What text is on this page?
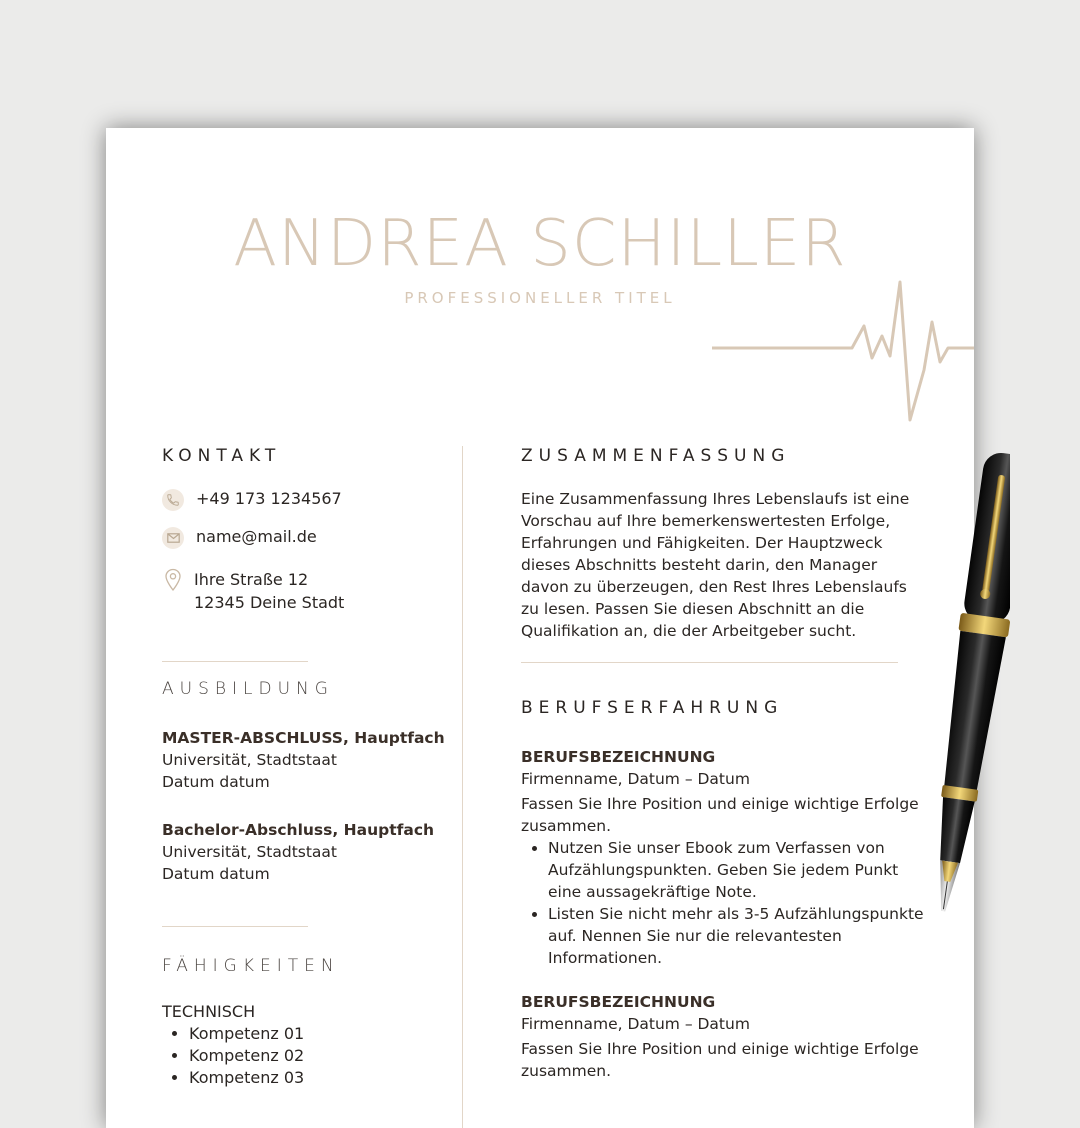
ANDREA SCHILLER
PROFESSIONELLER TITEL
KONTAKT
+49 173 1234567
name@mail.de
Ihre Straße 12
12345 Deine Stadt
AUSBILDUNG
MASTER-ABSCHLUSS, Hauptfach
Universität, Stadtstaat
Datum datum
Bachelor-Abschluss, Hauptfach
Universität, Stadtstaat
Datum datum
FÄHIGKEITEN
TECHNISCH
• Kompetenz 01
• Kompetenz 02
• Kompetenz 03
ZUSAMMENFASSUNG
Eine Zusammenfassung Ihres Lebenslaufs ist eine Vorschau auf Ihre bemerkenswertesten Erfolge, Erfahrungen und Fähigkeiten. Der Hauptzweck dieses Abschnitts besteht darin, den Manager davon zu überzeugen, den Rest Ihres Lebenslaufs zu lesen. Passen Sie diesen Abschnitt an die Qualifikation an, die der Arbeitgeber sucht.
BERUFSERFAHRUNG
BERUFSBEZEICHNUNG
Firmenname, Datum – Datum
Fassen Sie Ihre Position und einige wichtige Erfolge zusammen.
• Nutzen Sie unser Ebook zum Verfassen von Aufzählungspunkten. Geben Sie jedem Punkt eine aussagekräftige Note.
• Listen Sie nicht mehr als 3-5 Aufzählungspunkte auf. Nennen Sie nur die relevantesten Informationen.
BERUFSBEZEICHNUNG
Firmenname, Datum – Datum
Fassen Sie Ihre Position und einige wichtige Erfolge zusammen.
